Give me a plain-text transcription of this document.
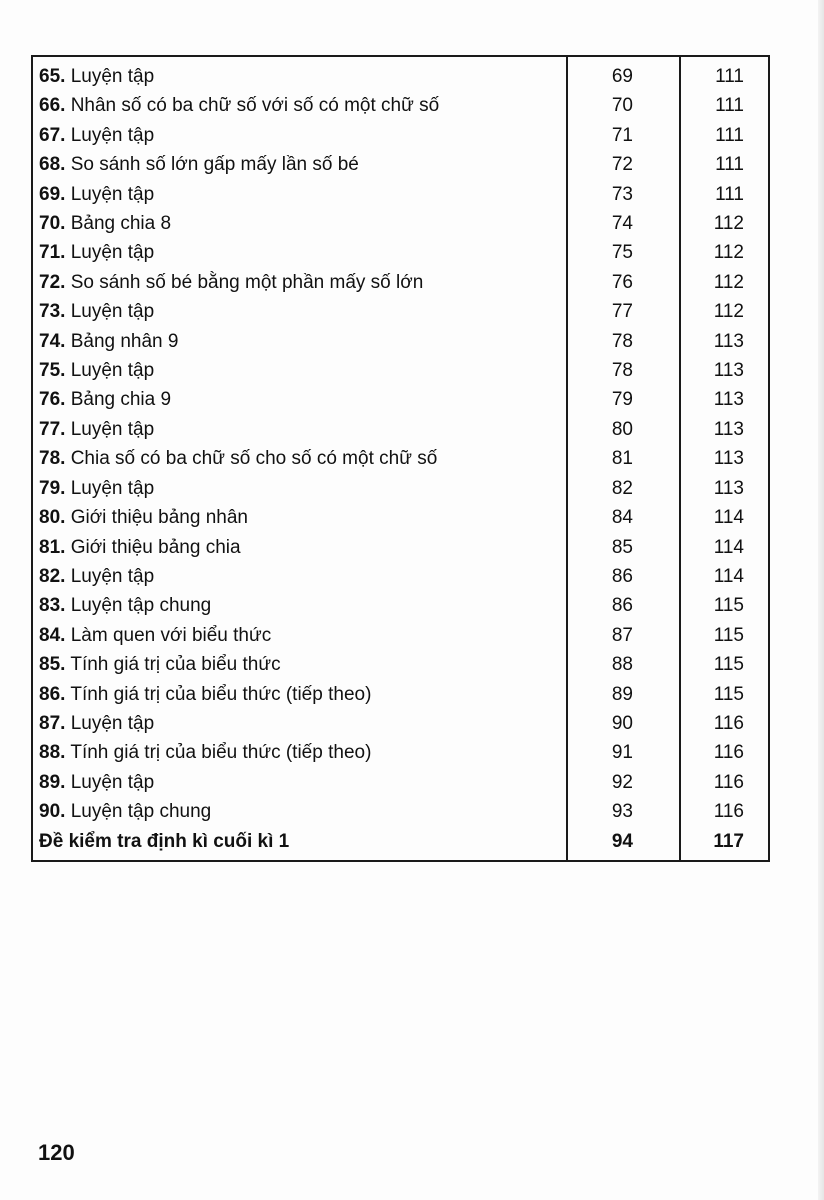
65. Luyện tập	69	111
66. Nhân số có ba chữ số với số có một chữ số	70	111
67. Luyện tập	71	111
68. So sánh số lớn gấp mấy lần số bé	72	111
69. Luyện tập	73	111
70. Bảng chia 8	74	112
71. Luyện tập	75	112
72. So sánh số bé bằng một phần mấy số lớn	76	112
73. Luyện tập	77	112
74. Bảng nhân 9	78	113
75. Luyện tập	78	113
76. Bảng chia 9	79	113
77. Luyện tập	80	113
78. Chia số có ba chữ số cho số có một chữ số	81	113
79. Luyện tập	82	113
80. Giới thiệu bảng nhân	84	114
81. Giới thiệu bảng chia	85	114
82. Luyện tập	86	114
83. Luyện tập chung	86	115
84. Làm quen với biểu thức	87	115
85. Tính giá trị của biểu thức	88	115
86. Tính giá trị của biểu thức (tiếp theo)	89	115
87. Luyện tập	90	116
88. Tính giá trị của biểu thức (tiếp theo)	91	116
89. Luyện tập	92	116
90. Luyện tập chung	93	116
Đề kiểm tra định kì cuối kì 1	94	117
120
